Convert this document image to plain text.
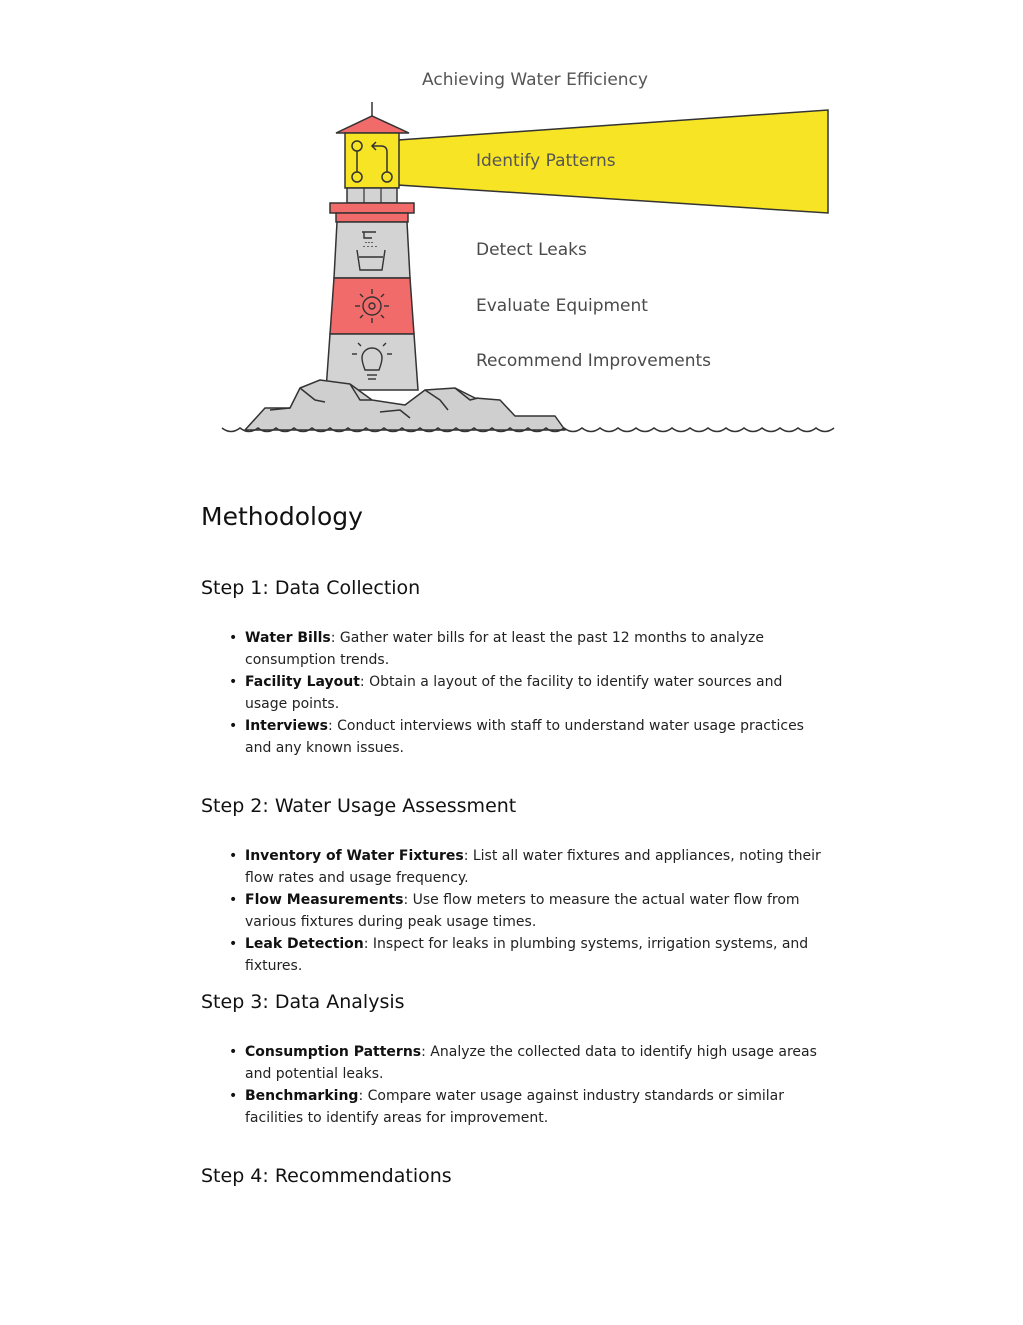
Achieving Water Efficiency
Identify Patterns
Detect Leaks
Evaluate Equipment
Recommend Improvements
Methodology
Step 1: Data Collection
• Water Bills: Gather water bills for at least the past 12 months to analyze consumption trends.
• Facility Layout: Obtain a layout of the facility to identify water sources and usage points.
• Interviews: Conduct interviews with staff to understand water usage practices and any known issues.
Step 2: Water Usage Assessment
• Inventory of Water Fixtures: List all water fixtures and appliances, noting their flow rates and usage frequency.
• Flow Measurements: Use flow meters to measure the actual water flow from various fixtures during peak usage times.
• Leak Detection: Inspect for leaks in plumbing systems, irrigation systems, and fixtures.
Step 3: Data Analysis
• Consumption Patterns: Analyze the collected data to identify high usage areas and potential leaks.
• Benchmarking: Compare water usage against industry standards or similar facilities to identify areas for improvement.
Step 4: Recommendations
